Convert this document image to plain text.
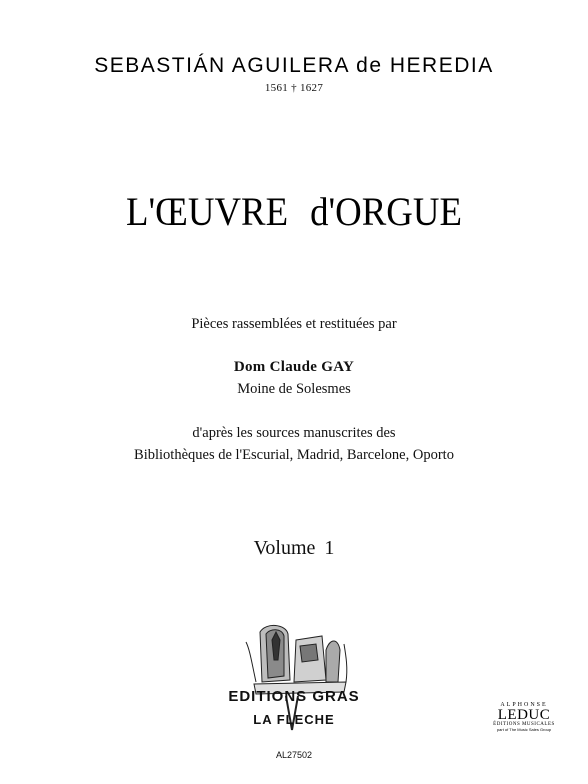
SEBASTIÁN AGUILERA de HEREDIA
1561 † 1627
L'ŒUVRE d'ORGUE
Pièces rassemblées et restituées par
Dom Claude GAY
Moine de Solesmes
d'après les sources manuscrites des
Bibliothèques de l'Escurial, Madrid, Barcelone, Oporto
Volume 1
EDITIONS GRAS
LA FLECHE
AL27502
ALPHONSE
LEDUC
ÉDITIONS MUSICALES
part of The Music Sales Group
